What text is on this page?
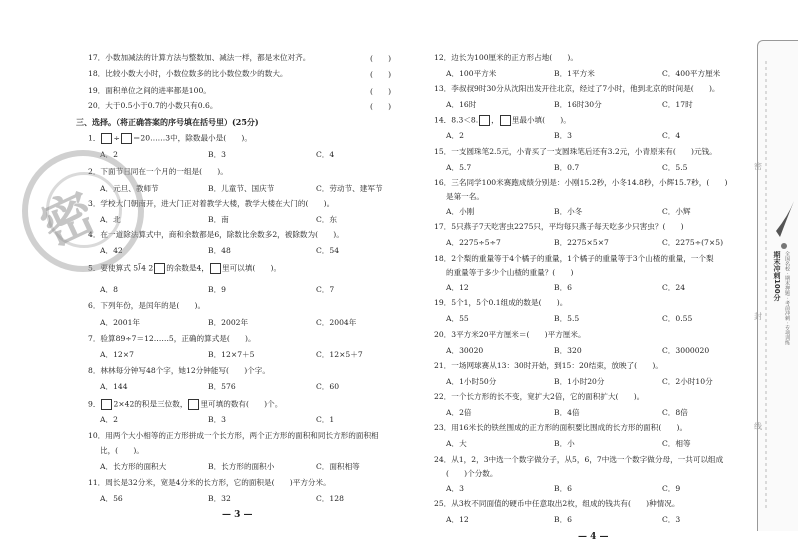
17．小数加减法的计算方法与整数加、减法一样，都是末位对齐。	(　　)
18．比较小数大小时，小数位数多的比小数位数少的数大。	(　　)
19．面积单位之间的进率都是100。	(　　)
20．大于0.5小于0.7的小数只有0.6。	(　　)
三、选择。（将正确答案的序号填在括号里）(25分)
1． ÷ ＝20……3中，除数最小是(　　)。
A．2	B．3	C．4
2．下面节日同在一个月的一组是(　　)。
A．元旦、教师节	B．儿童节、国庆节	C．劳动节、建军节
3．学校大门朝南开，进大门正对着教学大楼，教学大楼在大门的(　　)。
A．北	B．南	C．东
4．在一道除法算式中，商和余数都是6，除数比余数多2，被除数为(　　)。
A．42	B．48	C．54
5．要使算式 5⟌4 2 的余数是4， 里可以填(　　)。
A．8	B．9	C．7
6．下列年份，是闰年的是(　　)。
A．2001年	B．2002年	C．2004年
7．验算89÷7＝12……5，正确的算式是(　　)。
A．12×7	B．12×7＋5	C．12×5＋7
8．林林每分钟写48个字，她12分钟能写(　　)个字。
A．144	B．576	C．60
9． 2×42的积是三位数， 里可填的数有(　　)个。
A．2	B．3	C．1
10．用两个大小相等的正方形拼成一个长方形，两个正方形的面积和同长方形的面积相
比，(　　)。
A．长方形的面积大	B．长方形的面积小	C．面积相等
11．周长是32分米，宽是4分米的长方形，它的面积是(　　)平方分米。
A．56	B．32	C．128
— 3 —
密
12．边长为100厘米的正方形占地(　　)。
A．100平方米	B．1平方米	C．400平方厘米
13．李叔叔9时30分从沈阳出发开往北京，经过了7小时，他到北京的时间是(　　)。
A．16时	B．16时30分	C．17时
14．8.3＜8. ， 里最小填(　　)。
A．2	B．3	C．4
15．一支圆珠笔2.5元，小青买了一支圆珠笔后还有3.2元，小青原来有(　　)元钱。
A．5.7	B．0.7	C．5.5
16．三名同学100米赛跑成绩分别是：小刚15.2秒，小冬14.8秒，小辉15.7秒，(　　)
是第一名。
A．小刚	B．小冬	C．小辉
17．5只燕子7天吃害虫2275只，平均每只燕子每天吃多少只害虫？(　　)
A．2275÷5÷7	B．2275×5×7	C．2275÷(7×5)
18．2个梨的重量等于4个橘子的重量，1个橘子的重量等于3个山楂的重量，一个梨
的重量等于多少个山楂的重量？(　　)
A．12	B．6	C．24
19．5个1，5个0.1组成的数是(　　)。
A．55	B．5.5	C．0.55
20．3平方米20平方厘米＝(　　)平方厘米。
A．30020	B．320	C．3000020
21．一场网球赛从13：30时开始，到15：20结束，放映了(　　)。
A．1小时50分	B．1小时20分	C．2小时10分
22．一个长方形的长不变，宽扩大2倍，它的面积扩大(　　)。
A．2倍	B．4倍	C．8倍
23．用16米长的铁丝围成的正方形的面积要比围成的长方形的面积(　　)。
A．大	B．小	C．相等
24．从1，2，3中选一个数字做分子，从5，6，7中选一个数字做分母，一共可以组成
(　　)个分数。
A．3	B．6	C．9
25．从3枚不同面值的硬币中任意取出2枚，组成的钱共有(　　)种情况。
A．12	B．6	C．3
— 4 —
密
封
线
期末冲刺100分 全国名校 · 期末押题 · 考前冲刺 · 专项训练
